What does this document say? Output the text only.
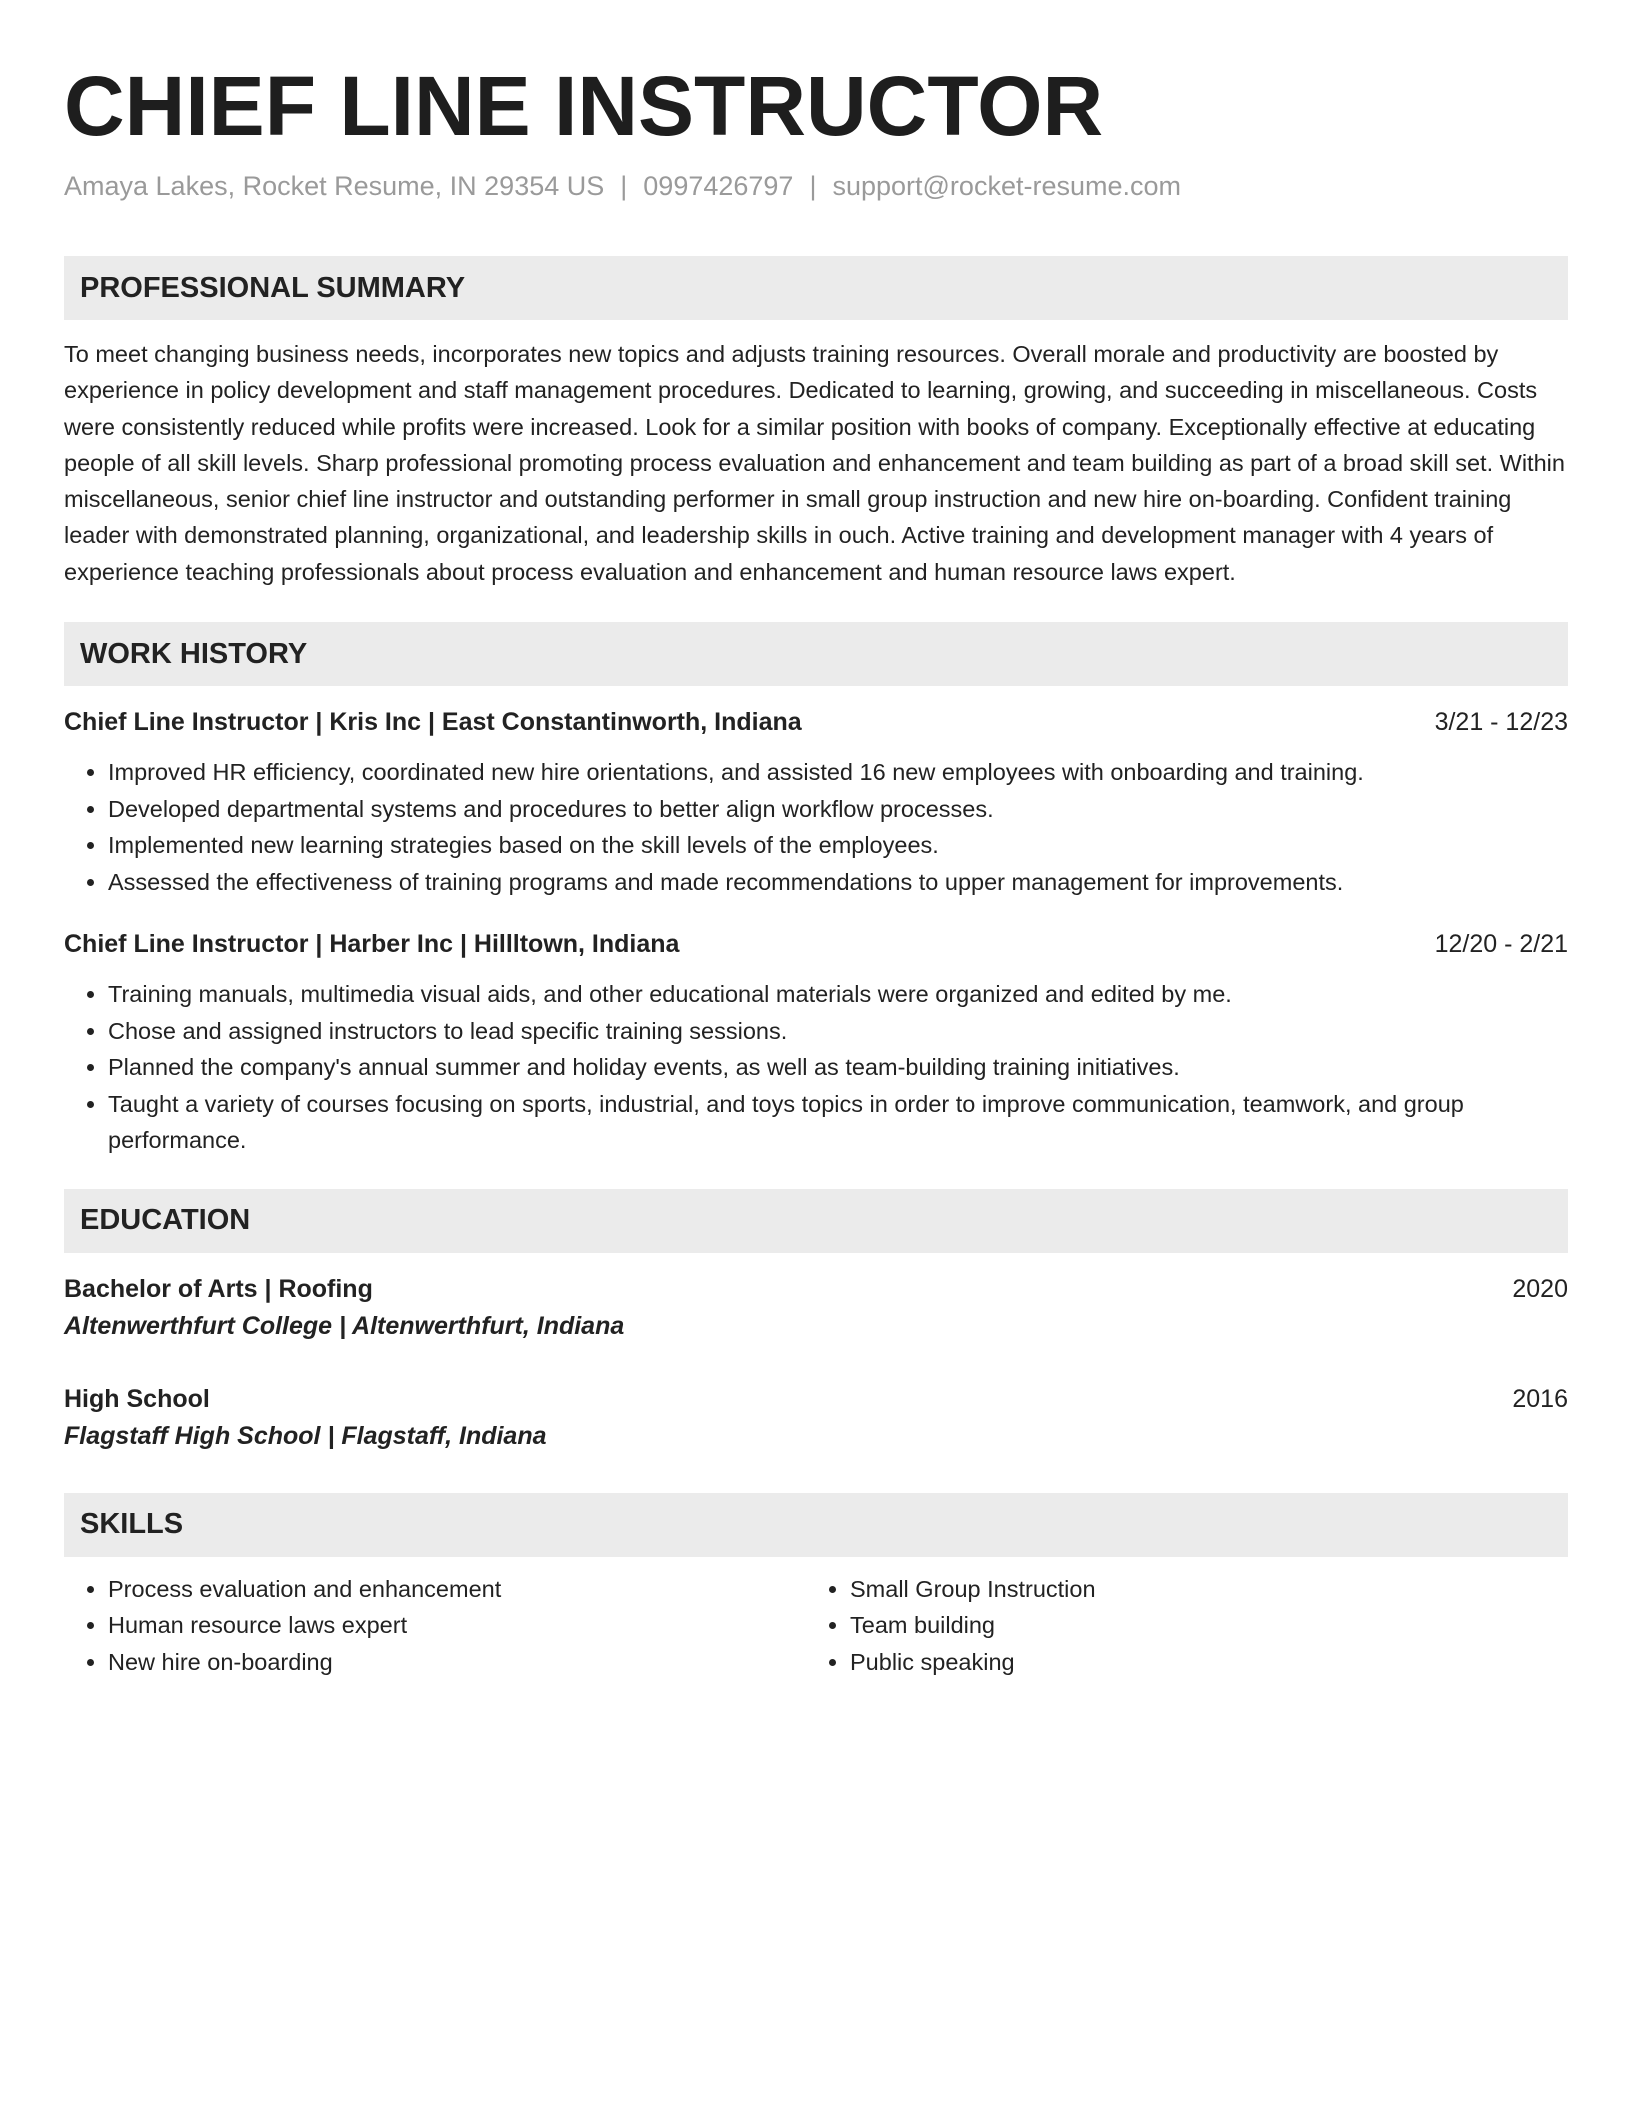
CHIEF LINE INSTRUCTOR
Amaya Lakes, Rocket Resume, IN 29354 US | 0997426797 | support@rocket-resume.com
PROFESSIONAL SUMMARY
To meet changing business needs, incorporates new topics and adjusts training resources. Overall morale and productivity are boosted by experience in policy development and staff management procedures. Dedicated to learning, growing, and succeeding in miscellaneous. Costs were consistently reduced while profits were increased. Look for a similar position with books of company. Exceptionally effective at educating people of all skill levels. Sharp professional promoting process evaluation and enhancement and team building as part of a broad skill set. Within miscellaneous, senior chief line instructor and outstanding performer in small group instruction and new hire on-boarding. Confident training leader with demonstrated planning, organizational, and leadership skills in ouch. Active training and development manager with 4 years of experience teaching professionals about process evaluation and enhancement and human resource laws expert.
WORK HISTORY
Chief Line Instructor | Kris Inc | East Constantinworth, Indiana	3/21 - 12/23
• Improved HR efficiency, coordinated new hire orientations, and assisted 16 new employees with onboarding and training.
• Developed departmental systems and procedures to better align workflow processes.
• Implemented new learning strategies based on the skill levels of the employees.
• Assessed the effectiveness of training programs and made recommendations to upper management for improvements.
Chief Line Instructor | Harber Inc | Hillltown, Indiana	12/20 - 2/21
• Training manuals, multimedia visual aids, and other educational materials were organized and edited by me.
• Chose and assigned instructors to lead specific training sessions.
• Planned the company's annual summer and holiday events, as well as team-building training initiatives.
• Taught a variety of courses focusing on sports, industrial, and toys topics in order to improve communication, teamwork, and group performance.
EDUCATION
Bachelor of Arts | Roofing	2020
Altenwerthfurt College | Altenwerthfurt, Indiana
High School	2016
Flagstaff High School | Flagstaff, Indiana
SKILLS
• Process evaluation and enhancement
• Human resource laws expert
• New hire on-boarding
• Small Group Instruction
• Team building
• Public speaking
